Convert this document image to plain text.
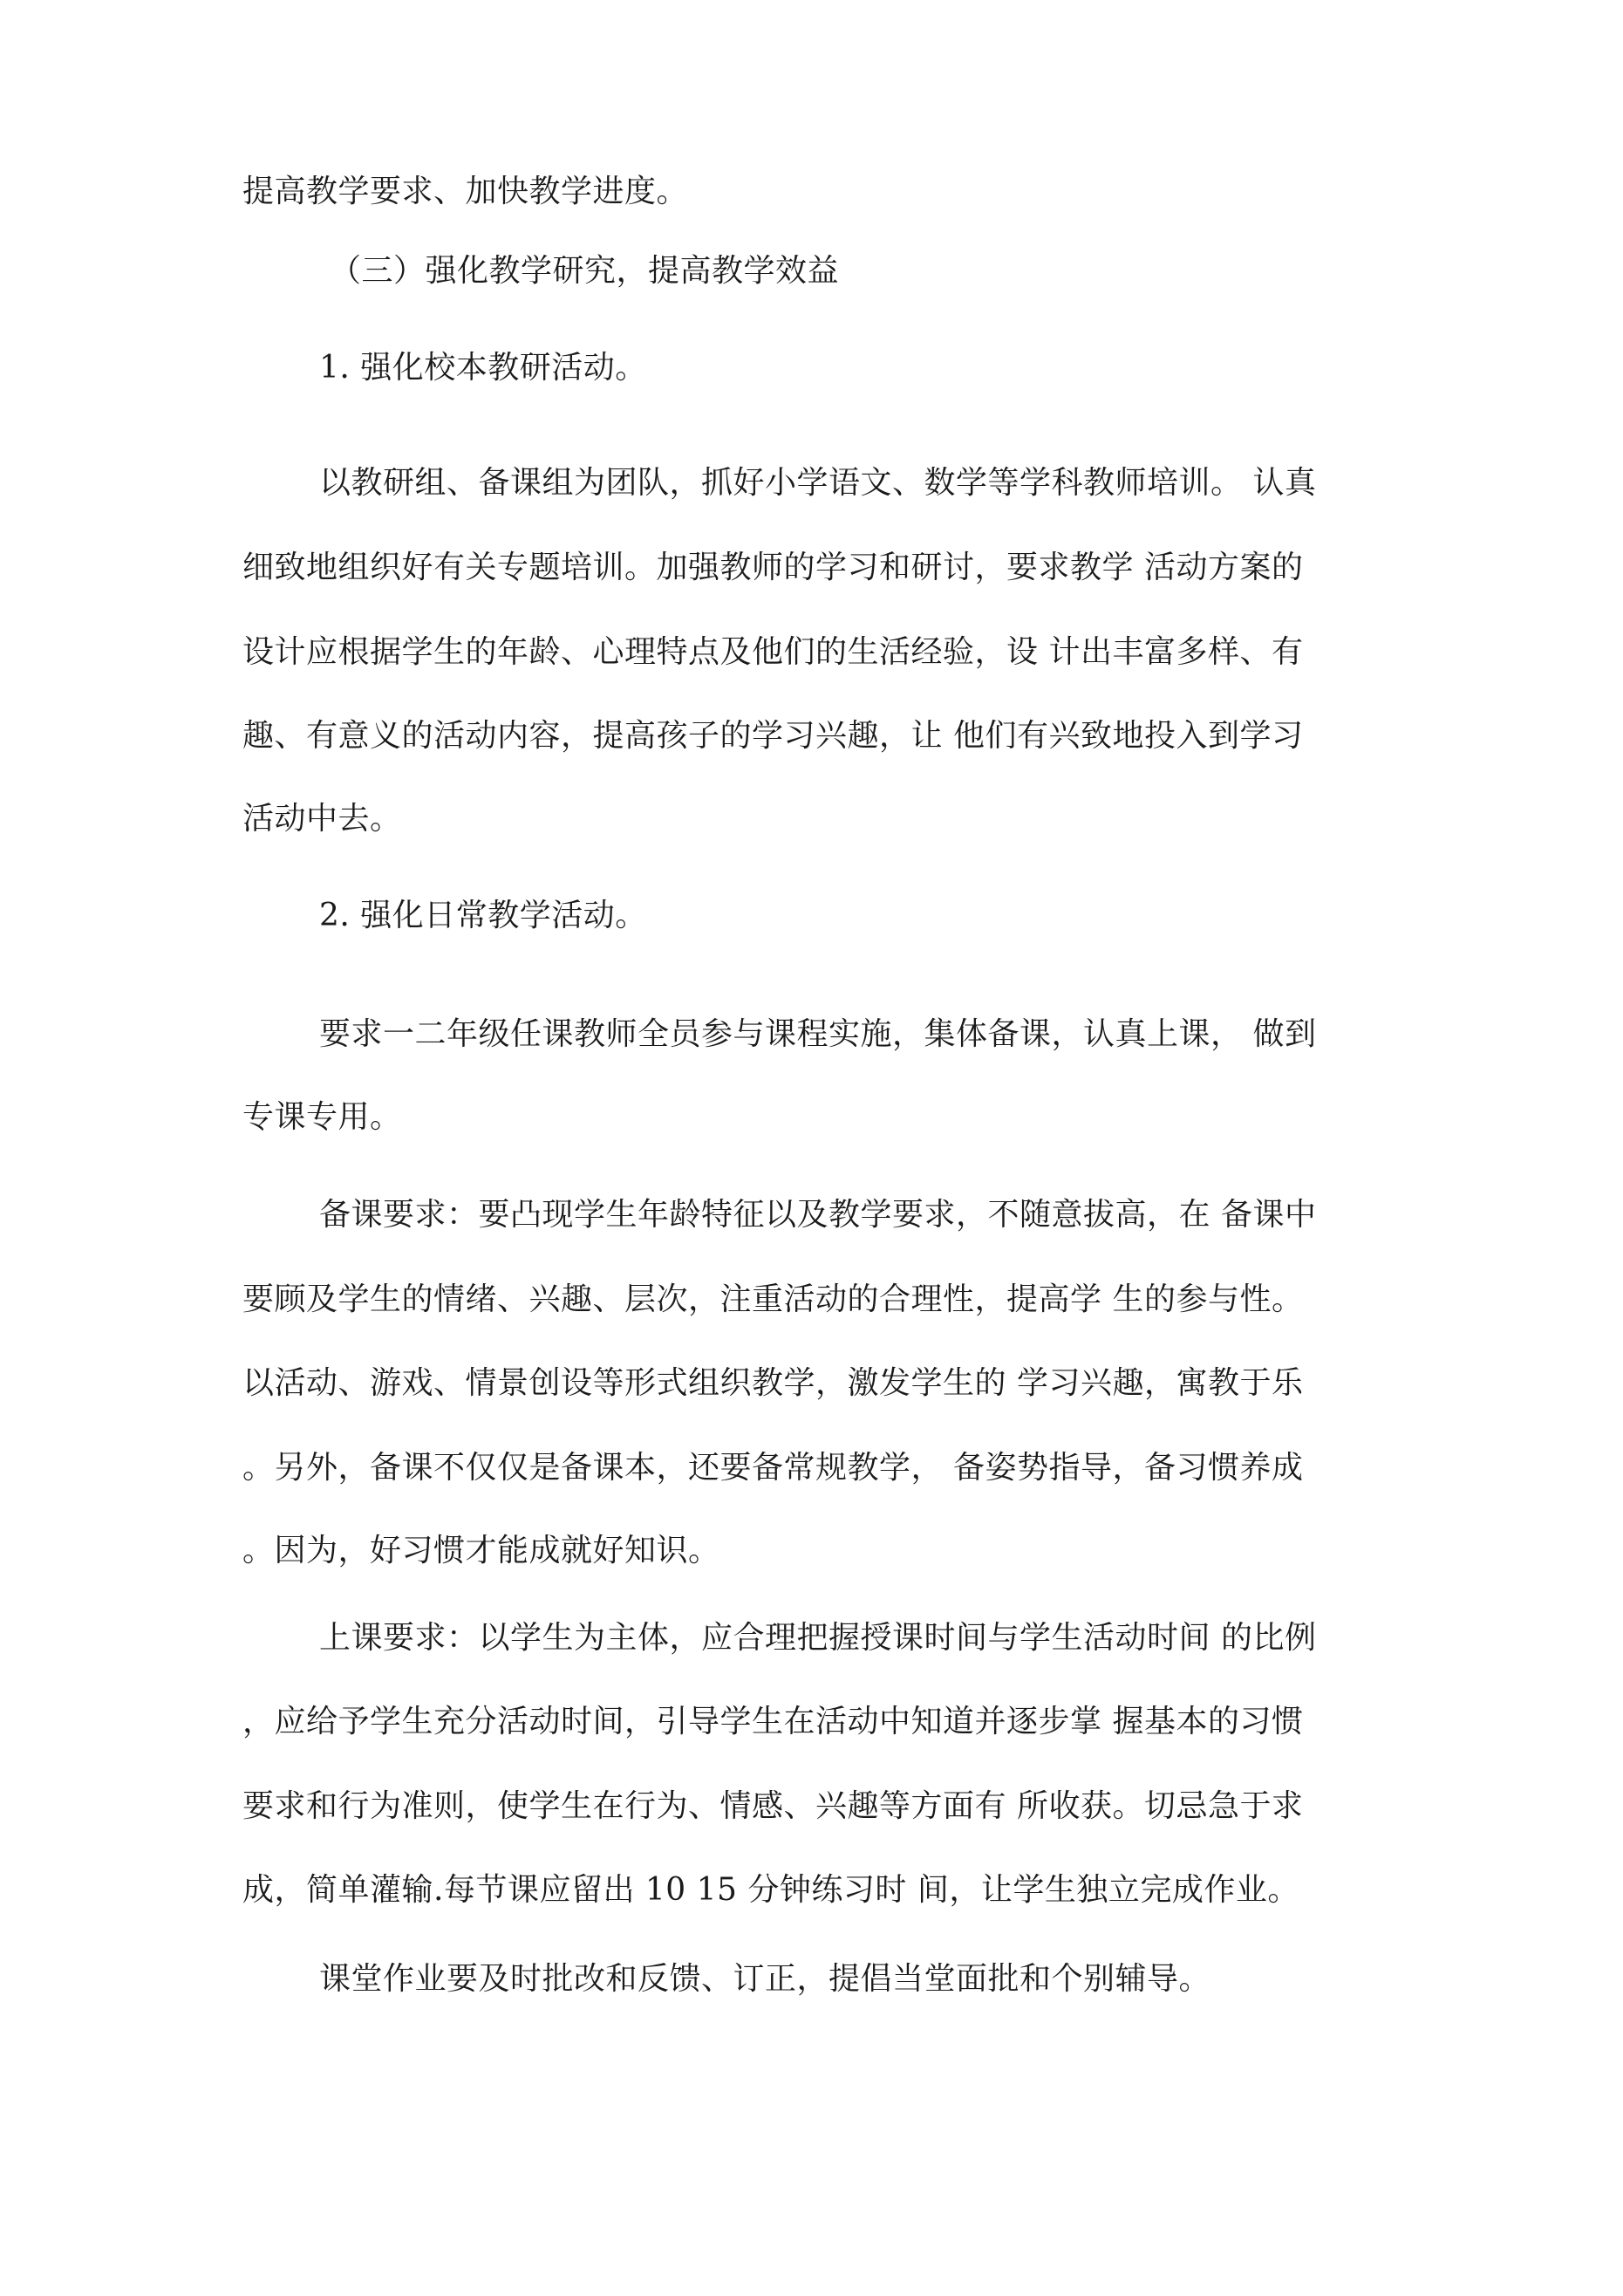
提高教学要求、加快教学进度。
（三）强化教学研究，提高教学效益
1. 强化校本教研活动。
以教研组、备课组为团队，抓好小学语文、数学等学科教师培训。 认真
细致地组织好有关专题培训。加强教师的学习和研讨，要求教学 活动方案的
设计应根据学生的年龄、心理特点及他们的生活经验，设 计出丰富多样、有
趣、有意义的活动内容，提高孩子的学习兴趣，让 他们有兴致地投入到学习
活动中去。
2. 强化日常教学活动。
要求一二年级任课教师全员参与课程实施，集体备课，认真上课， 做到
专课专用。
备课要求：要凸现学生年龄特征以及教学要求，不随意拔高，在 备课中
要顾及学生的情绪、兴趣、层次，注重活动的合理性，提高学 生的参与性。
以活动、游戏、情景创设等形式组织教学，激发学生的 学习兴趣，寓教于乐
。另外，备课不仅仅是备课本，还要备常规教学， 备姿势指导，备习惯养成
。因为，好习惯才能成就好知识。
上课要求：以学生为主体，应合理把握授课时间与学生活动时间 的比例
，应给予学生充分活动时间，引导学生在活动中知道并逐步掌 握基本的习惯
要求和行为准则，使学生在行为、情感、兴趣等方面有 所收获。切忌急于求
成，简单灌输.每节课应留出 10 15 分钟练习时 间，让学生独立完成作业。
课堂作业要及时批改和反馈、订正，提倡当堂面批和个别辅导。
